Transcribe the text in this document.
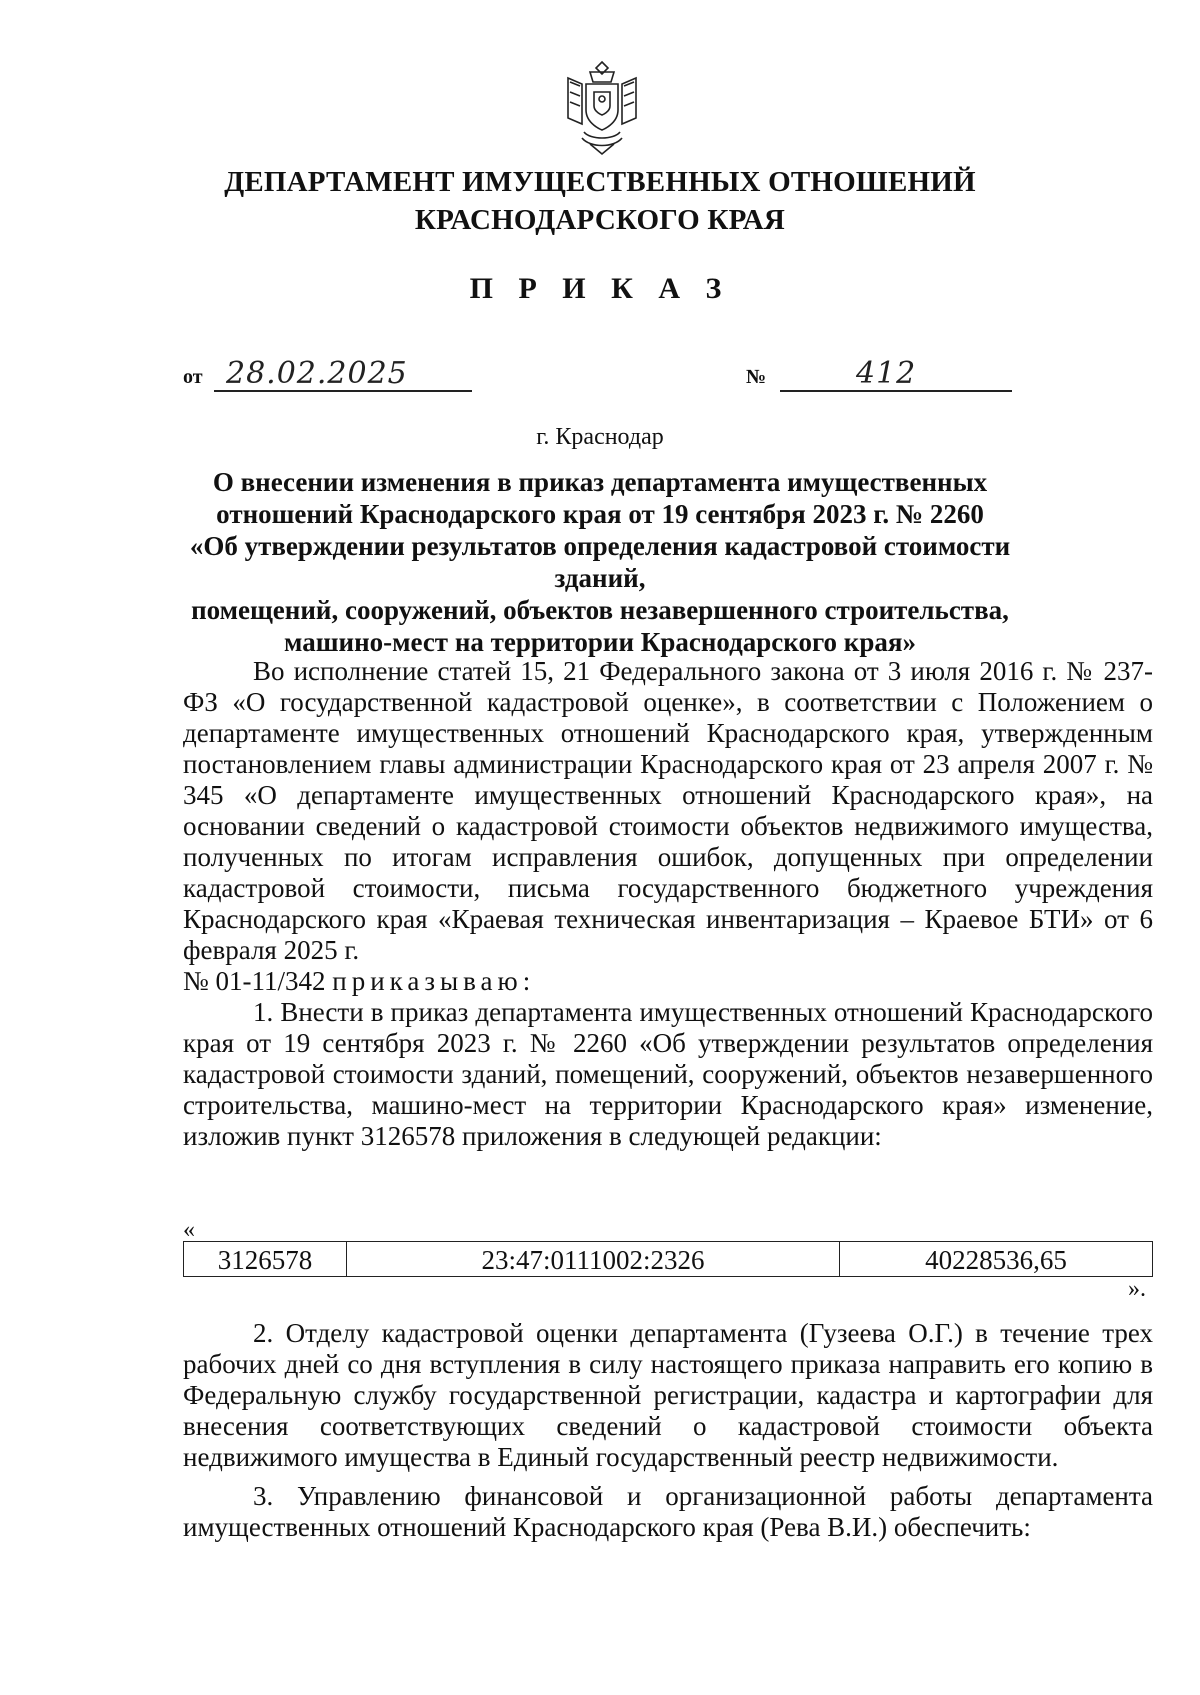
ДЕПАРТАМЕНТ ИМУЩЕСТВЕННЫХ ОТНОШЕНИЙ
КРАСНОДАРСКОГО КРАЯ
П Р И К А З
от 28.02.2025	№	412
г. Краснодар
О внесении изменения в приказ департамента имущественных
отношений Краснодарского края от 19 сентября 2023 г. № 2260
«Об утверждении результатов определения кадастровой стоимости зданий,
помещений, сооружений, объектов незавершенного строительства,
машино-мест на территории Краснодарского края»

Во исполнение статей 15, 21 Федерального закона от 3 июля 2016 г. № 237-ФЗ «О государственной кадастровой оценке», в соответствии с Положением о департаменте имущественных отношений Краснодарского края, утвержденным постановлением главы администрации Краснодарского края от 23 апреля 2007 г. № 345 «О департаменте имущественных отношений Краснодарского края», на основании сведений о кадастровой стоимости объектов недвижимого имущества, полученных по итогам исправления ошибок, допущенных при определении кадастровой стоимости, письма государственного бюджетного учреждения Краснодарского края «Краевая техническая инвентаризация – Краевое БТИ» от 6 февраля 2025 г.

№ 01-11/342 приказываю:

1. Внести в приказ департамента имущественных отношений Краснодарского края от 19 сентября 2023 г. № 2260 «Об утверждении результатов определения кадастровой стоимости зданий, помещений, сооружений, объектов незавершенного строительства, машино-мест на территории Краснодарского края» изменение, изложив пункт 3126578 приложения в следующей редакции:

«
3126578	23:47:0111002:2326	40228536,65
».

2. Отделу кадастровой оценки департамента (Гузеева О.Г.) в течение трех рабочих дней со дня вступления в силу настоящего приказа направить его копию в Федеральную службу государственной регистрации, кадастра и картографии для внесения соответствующих сведений о кадастровой стоимости объекта недвижимого имущества в Единый государственный реестр недвижимости.

3. Управлению финансовой и организационной работы департамента имущественных отношений Краснодарского края (Рева В.И.) обеспечить:
